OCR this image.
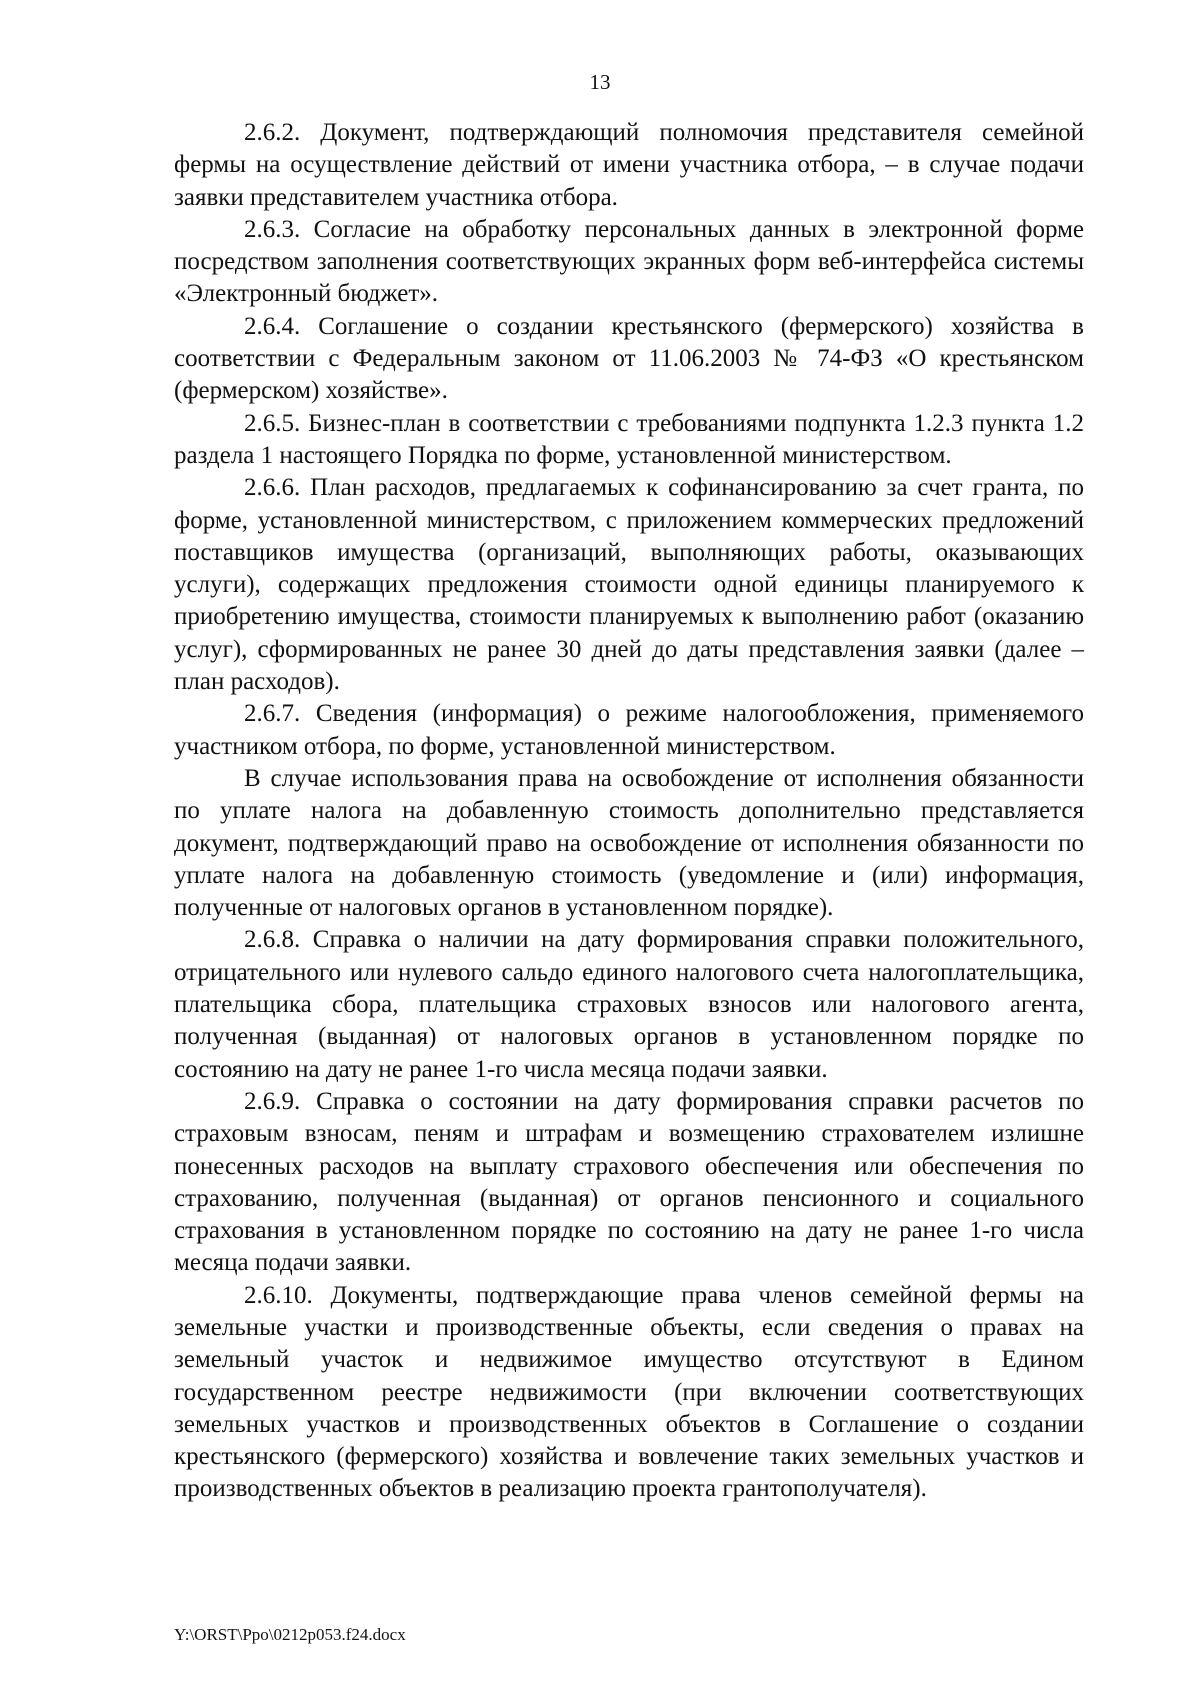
13

2.6.2. Документ, подтверждающий полномочия представителя семейной фермы на осуществление действий от имени участника отбора, – в случае подачи заявки представителем участника отбора.

2.6.3. Согласие на обработку персональных данных в электронной форме посредством заполнения соответствующих экранных форм веб-интерфейса системы «Электронный бюджет».

2.6.4. Соглашение о создании крестьянского (фермерского) хозяйства в соответствии с Федеральным законом от 11.06.2003 № 74-ФЗ «О крестьянском (фермерском) хозяйстве».

2.6.5. Бизнес-план в соответствии с требованиями подпункта 1.2.3 пункта 1.2 раздела 1 настоящего Порядка по форме, установленной министерством.

2.6.6. План расходов, предлагаемых к софинансированию за счет гранта, по форме, установленной министерством, с приложением коммерческих предложений поставщиков имущества (организаций, выполняющих работы, оказывающих услуги), содержащих предложения стоимости одной единицы планируемого к приобретению имущества, стоимости планируемых к выполнению работ (оказанию услуг), сформированных не ранее 30 дней до даты представления заявки (далее – план расходов).

2.6.7. Сведения (информация) о режиме налогообложения, применяемого участником отбора, по форме, установленной министерством.

В случае использования права на освобождение от исполнения обязанности по уплате налога на добавленную стоимость дополнительно представляется документ, подтверждающий право на освобождение от исполнения обязанности по уплате налога на добавленную стоимость (уведомление и (или) информация, полученные от налоговых органов в установленном порядке).

2.6.8. Справка о наличии на дату формирования справки положительного, отрицательного или нулевого сальдо единого налогового счета налогоплательщика, плательщика сбора, плательщика страховых взносов или налогового агента, полученная (выданная) от налоговых органов в установленном порядке по состоянию на дату не ранее 1-го числа месяца подачи заявки.

2.6.9. Справка о состоянии на дату формирования справки расчетов по страховым взносам, пеням и штрафам и возмещению страхователем излишне понесенных расходов на выплату страхового обеспечения или обеспечения по страхованию, полученная (выданная) от органов пенсионного и социального страхования в установленном порядке по состоянию на дату не ранее 1-го числа месяца подачи заявки.

2.6.10. Документы, подтверждающие права членов семейной фермы на земельные участки и производственные объекты, если сведения о правах на земельный участок и недвижимое имущество отсутствуют в Едином государственном реестре недвижимости (при включении соответствующих земельных участков и производственных объектов в Соглашение о создании крестьянского (фермерского) хозяйства и вовлечение таких земельных участков и производственных объектов в реализацию проекта грантополучателя).

Y:\ORST\Ppo\0212p053.f24.docx
